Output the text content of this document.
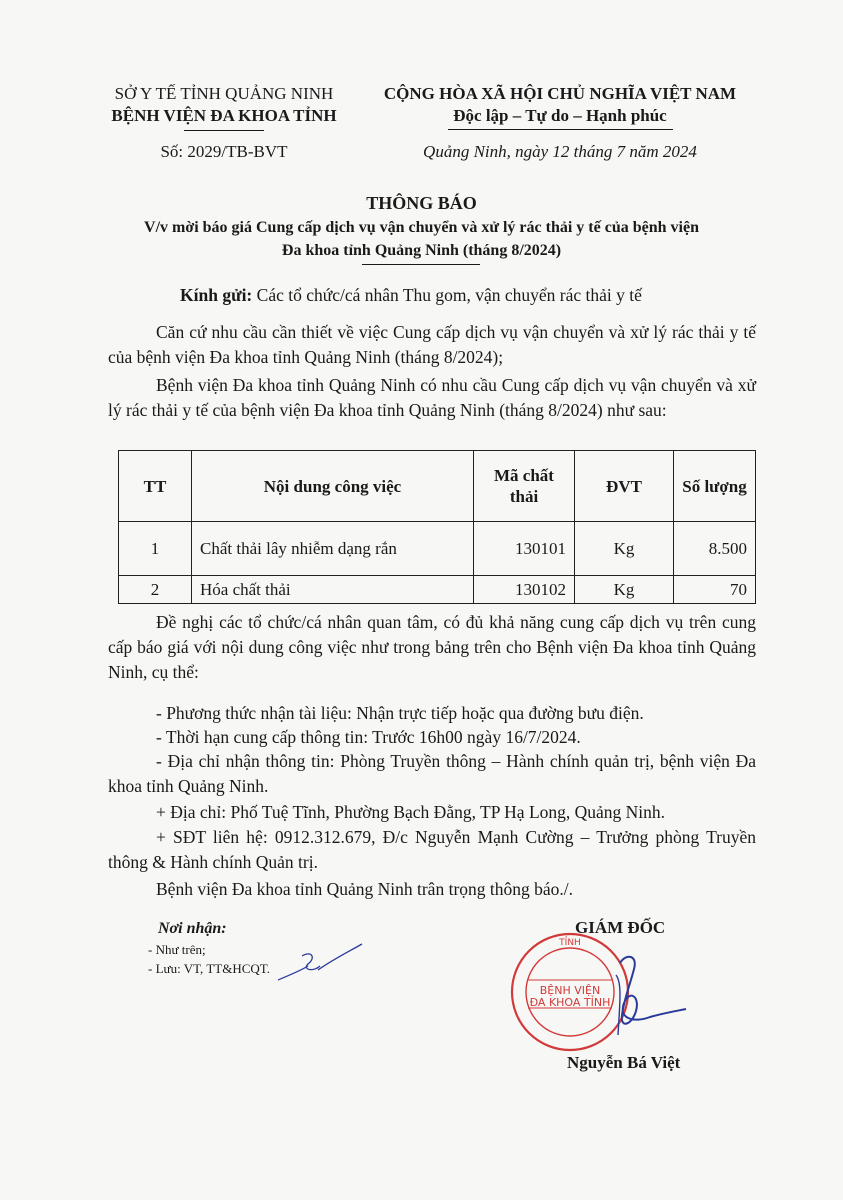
SỞ Y TẾ TỈNH QUẢNG NINH
BỆNH VIỆN ĐA KHOA TỈNH
Số: 2029/TB-BVT
CỘNG HÒA XÃ HỘI CHỦ NGHĨA VIỆT NAM
Độc lập – Tự do – Hạnh phúc
Quảng Ninh, ngày 12 tháng 7 năm 2024
THÔNG BÁO
V/v mời báo giá Cung cấp dịch vụ vận chuyển và xử lý rác thải y tế của bệnh viện
Đa khoa tỉnh Quảng Ninh (tháng 8/2024)
Kính gửi: Các tổ chức/cá nhân Thu gom, vận chuyển rác thải y tế
Căn cứ nhu cầu cần thiết về việc Cung cấp dịch vụ vận chuyển và xử lý rác thải y tế của bệnh viện Đa khoa tỉnh Quảng Ninh (tháng 8/2024);
Bệnh viện Đa khoa tỉnh Quảng Ninh có nhu cầu Cung cấp dịch vụ vận chuyển và xử lý rác thải y tế của bệnh viện Đa khoa tỉnh Quảng Ninh (tháng 8/2024) như sau:
TT	Nội dung công việc	Mã chất thải	ĐVT	Số lượng
1	Chất thải lây nhiễm dạng rắn	130101	Kg	8.500
2	Hóa chất thải	130102	Kg	70
Đề nghị các tổ chức/cá nhân quan tâm, có đủ khả năng cung cấp dịch vụ trên cung cấp báo giá với nội dung công việc như trong bảng trên cho Bệnh viện Đa khoa tỉnh Quảng Ninh, cụ thể:
- Phương thức nhận tài liệu: Nhận trực tiếp hoặc qua đường bưu điện.
- Thời hạn cung cấp thông tin: Trước 16h00 ngày 16/7/2024.
- Địa chỉ nhận thông tin: Phòng Truyền thông – Hành chính quản trị, bệnh viện Đa khoa tỉnh Quảng Ninh.
+ Địa chỉ: Phố Tuệ Tĩnh, Phường Bạch Đằng, TP Hạ Long, Quảng Ninh.
+ SĐT liên hệ: 0912.312.679, Đ/c Nguyễn Mạnh Cường – Trưởng phòng Truyền thông & Hành chính Quản trị.
Bệnh viện Đa khoa tỉnh Quảng Ninh trân trọng thông báo./.
Nơi nhận:
- Như trên;
- Lưu: VT, TT&HCQT.
GIÁM ĐỐC
TỈNH
BỆNH VIỆN
ĐA KHOA TỈNH
Nguyễn Bá Việt
